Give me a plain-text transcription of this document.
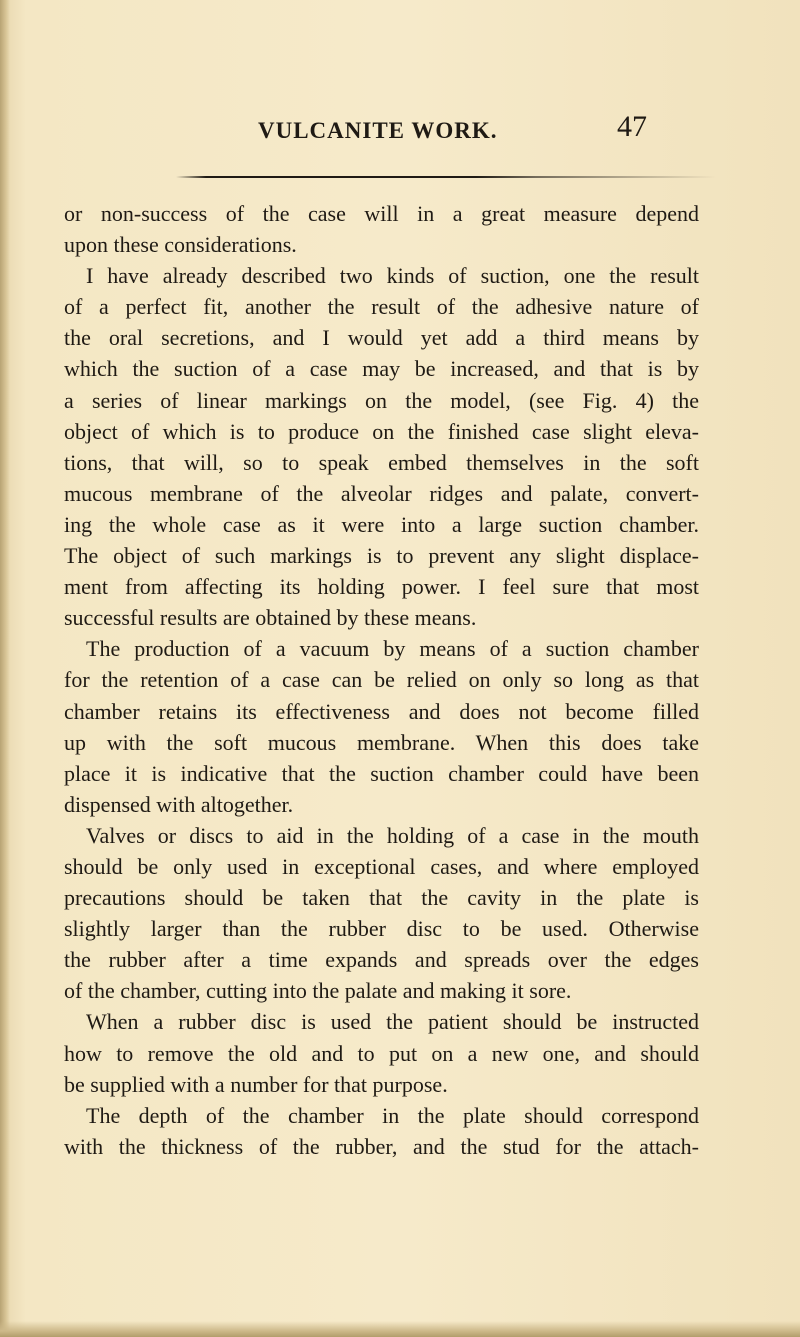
VULCANITE WORK.	47
or non-success of the case will in a great measure depend
upon these considerations.
I have already described two kinds of suction, one the result
of a perfect fit, another the result of the adhesive nature of
the oral secretions, and I would yet add a third means by
which the suction of a case may be increased, and that is by
a series of linear markings on the model, (see Fig. 4) the
object of which is to produce on the finished case slight eleva-
tions, that will, so to speak embed themselves in the soft
mucous membrane of the alveolar ridges and palate, convert-
ing the whole case as it were into a large suction chamber.
The object of such markings is to prevent any slight displace-
ment from affecting its holding power. I feel sure that most
successful results are obtained by these means.
The production of a vacuum by means of a suction chamber
for the retention of a case can be relied on only so long as that
chamber retains its effectiveness and does not become filled
up with the soft mucous membrane. When this does take
place it is indicative that the suction chamber could have been
dispensed with altogether.
Valves or discs to aid in the holding of a case in the mouth
should be only used in exceptional cases, and where employed
precautions should be taken that the cavity in the plate is
slightly larger than the rubber disc to be used. Otherwise
the rubber after a time expands and spreads over the edges
of the chamber, cutting into the palate and making it sore.
When a rubber disc is used the patient should be instructed
how to remove the old and to put on a new one, and should
be supplied with a number for that purpose.
The depth of the chamber in the plate should correspond
with the thickness of the rubber, and the stud for the attach-
